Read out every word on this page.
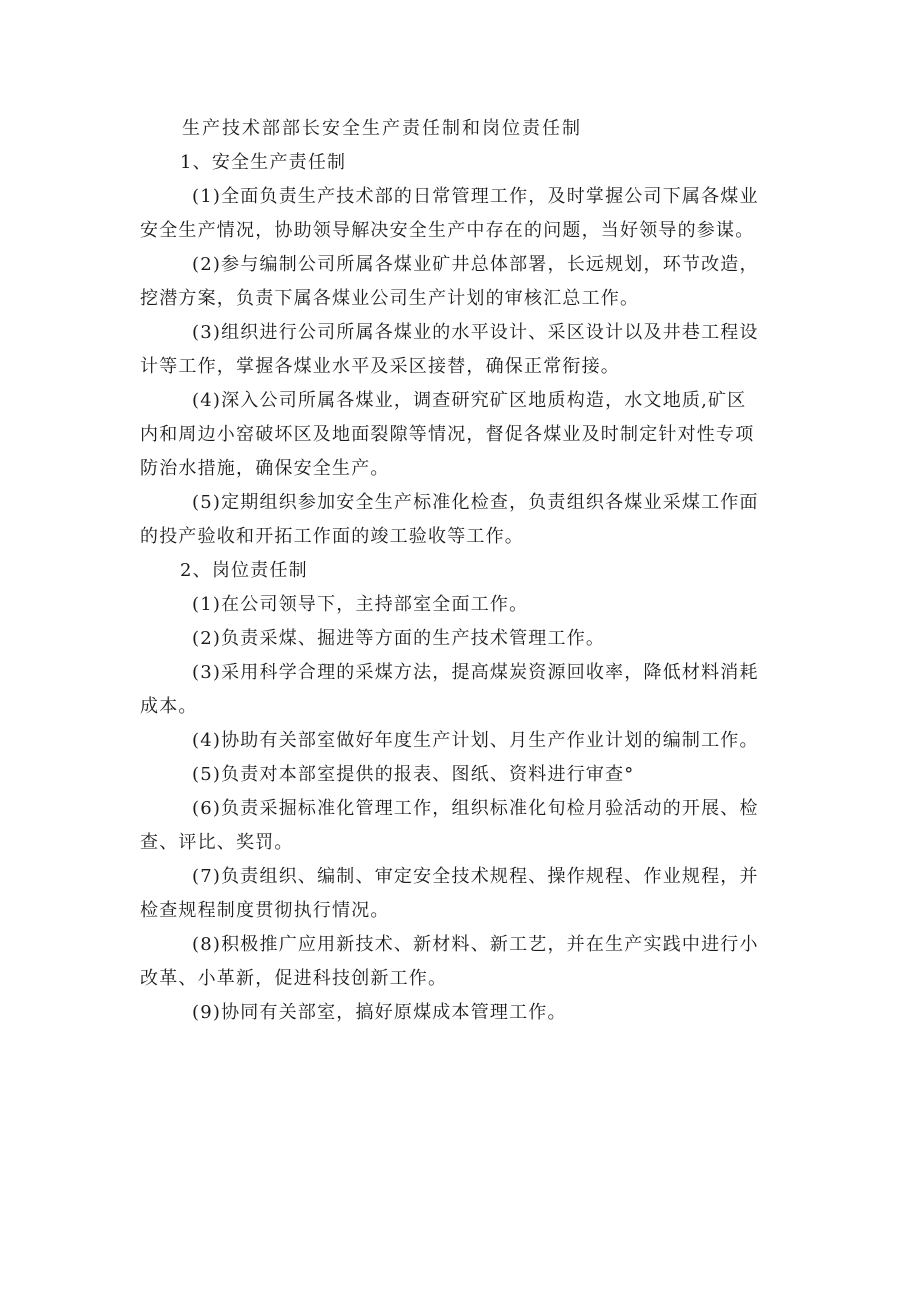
生产技术部部长安全生产责任制和岗位责任制
1、安全生产责任制
(1)全面负责生产技术部的日常管理工作，及时掌握公司下属各煤业
安全生产情况，协助领导解决安全生产中存在的问题，当好领导的参谋。
(2)参与编制公司所属各煤业矿井总体部署，长远规划，环节改造，
挖潜方案，负责下属各煤业公司生产计划的审核汇总工作。
(3)组织进行公司所属各煤业的水平设计、采区设计以及井巷工程设
计等工作，掌握各煤业水平及采区接替，确保正常衔接。
(4)深入公司所属各煤业，调查研究矿区地质构造，水文地质,矿区
内和周边小窑破坏区及地面裂隙等情况，督促各煤业及时制定针对性专项
防治水措施，确保安全生产。
(5)定期组织参加安全生产标准化检查，负责组织各煤业采煤工作面
的投产验收和开拓工作面的竣工验收等工作。
2、岗位责任制
(1)在公司领导下，主持部室全面工作。
(2)负责采煤、掘进等方面的生产技术管理工作。
(3)采用科学合理的采煤方法，提高煤炭资源回收率，降低材料消耗
成本。
(4)协助有关部室做好年度生产计划、月生产作业计划的编制工作。
(5)负责对本部室提供的报表、图纸、资料进行审查°
(6)负责采掘标准化管理工作，组织标准化旬检月验活动的开展、检
查、评比、奖罚。
(7)负责组织、编制、审定安全技术规程、操作规程、作业规程，并
检查规程制度贯彻执行情况。
(8)积极推广应用新技术、新材料、新工艺，并在生产实践中进行小
改革、小革新，促进科技创新工作。
(9)协同有关部室，搞好原煤成本管理工作。
